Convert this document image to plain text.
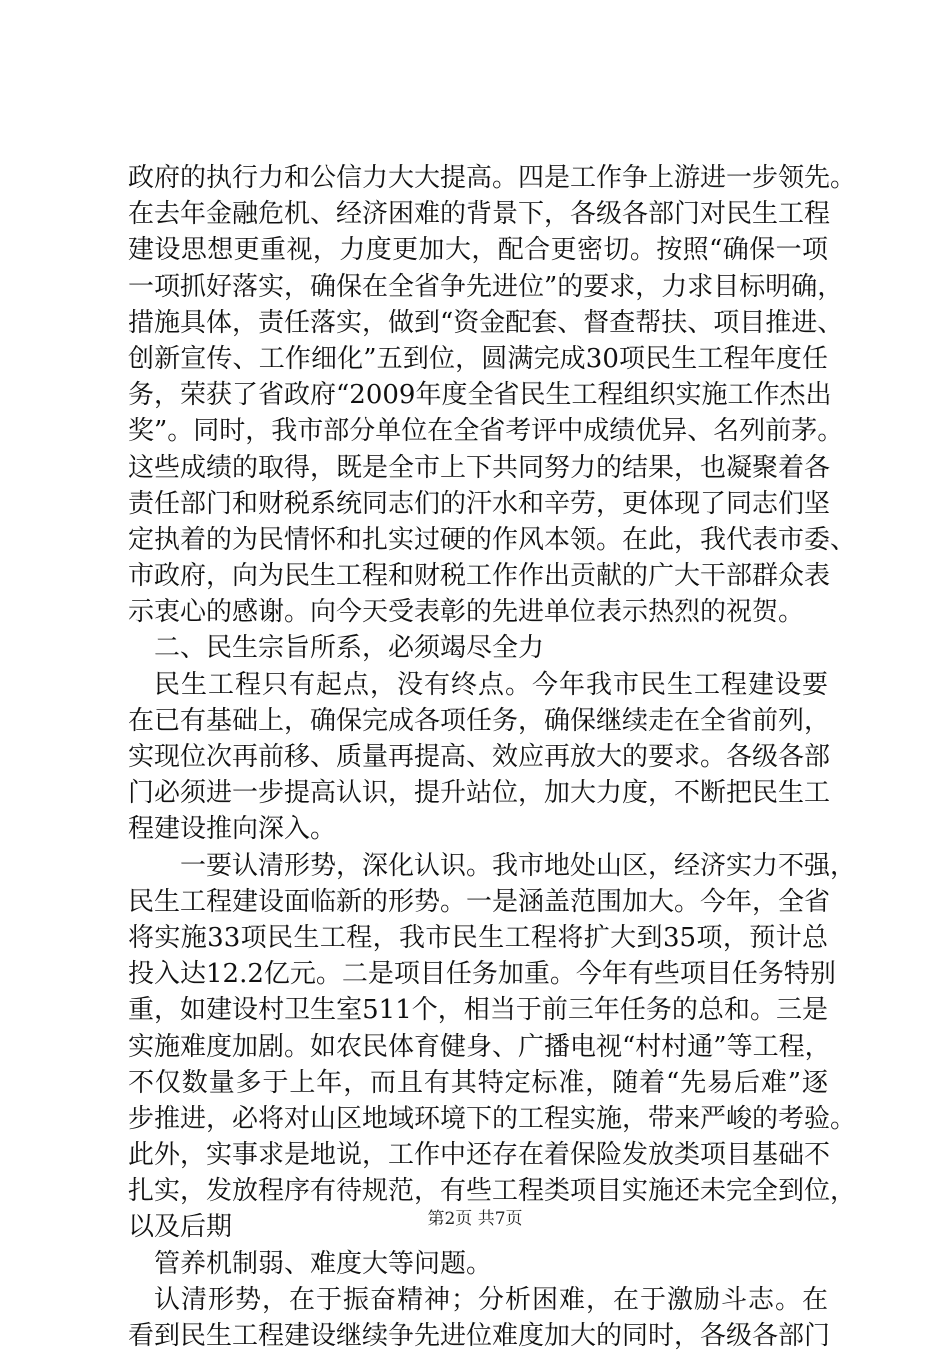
政府的执行力和公信力大大提高。四是工作争上游进一步领先。
在去年金融危机、经济困难的背景下，各级各部门对民生工程
建设思想更重视，力度更加大，配合更密切。按照“确保一项
一项抓好落实，确保在全省争先进位”的要求，力求目标明确，
措施具体，责任落实，做到“资金配套、督查帮扶、项目推进、
创新宣传、工作细化”五到位，圆满完成30项民生工程年度任
务，荣获了省政府“2009年度全省民生工程组织实施工作杰出
奖”。同时，我市部分单位在全省考评中成绩优异、名列前茅。
这些成绩的取得，既是全市上下共同努力的结果，也凝聚着各
责任部门和财税系统同志们的汗水和辛劳，更体现了同志们坚
定执着的为民情怀和扎实过硬的作风本领。在此，我代表市委、
市政府，向为民生工程和财税工作作出贡献的广大干部群众表
示衷心的感谢。向今天受表彰的先进单位表示热烈的祝贺。
二、民生宗旨所系，必须竭尽全力
民生工程只有起点，没有终点。今年我市民生工程建设要
在已有基础上，确保完成各项任务，确保继续走在全省前列，
实现位次再前移、质量再提高、效应再放大的要求。各级各部
门必须进一步提高认识，提升站位，加大力度，不断把民生工
程建设推向深入。
一要认清形势，深化认识。我市地处山区，经济实力不强，
民生工程建设面临新的形势。一是涵盖范围加大。今年，全省
将实施33项民生工程，我市民生工程将扩大到35项，预计总
投入达12.2亿元。二是项目任务加重。今年有些项目任务特别
重，如建设村卫生室511个，相当于前三年任务的总和。三是
实施难度加剧。如农民体育健身、广播电视“村村通”等工程，
不仅数量多于上年，而且有其特定标准，随着“先易后难”逐
步推进，必将对山区地域环境下的工程实施，带来严峻的考验。
此外，实事求是地说，工作中还存在着保险发放类项目基础不
扎实，发放程序有待规范，有些工程类项目实施还未完全到位，
以及后期
管养机制弱、难度大等问题。
认清形势，在于振奋精神；分析困难，在于激励斗志。在
看到民生工程建设继续争先进位难度加大的同时，各级各部门
第2页 共7页
